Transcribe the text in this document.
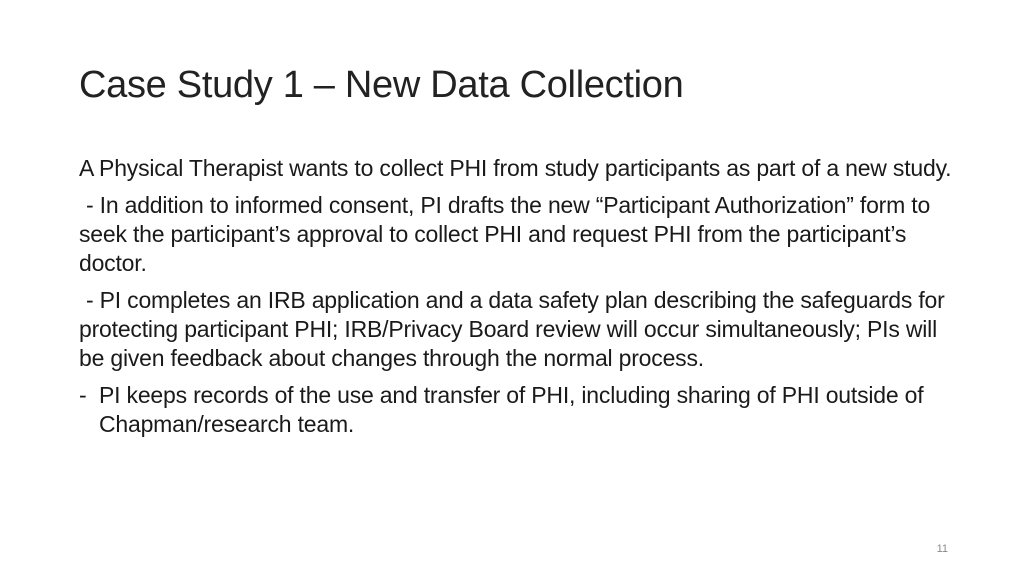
Case Study 1 – New Data Collection

A Physical Therapist wants to collect PHI from study participants as part of a new study.

- In addition to informed consent, PI drafts the new “Participant Authorization” form to seek the participant’s approval to collect PHI and request PHI from the participant’s doctor.

- PI completes an IRB application and a data safety plan describing the safeguards for protecting participant PHI; IRB/Privacy Board review will occur simultaneously; PIs will be given feedback about changes through the normal process.

- PI keeps records of the use and transfer of PHI, including sharing of PHI outside of Chapman/research team.
11
